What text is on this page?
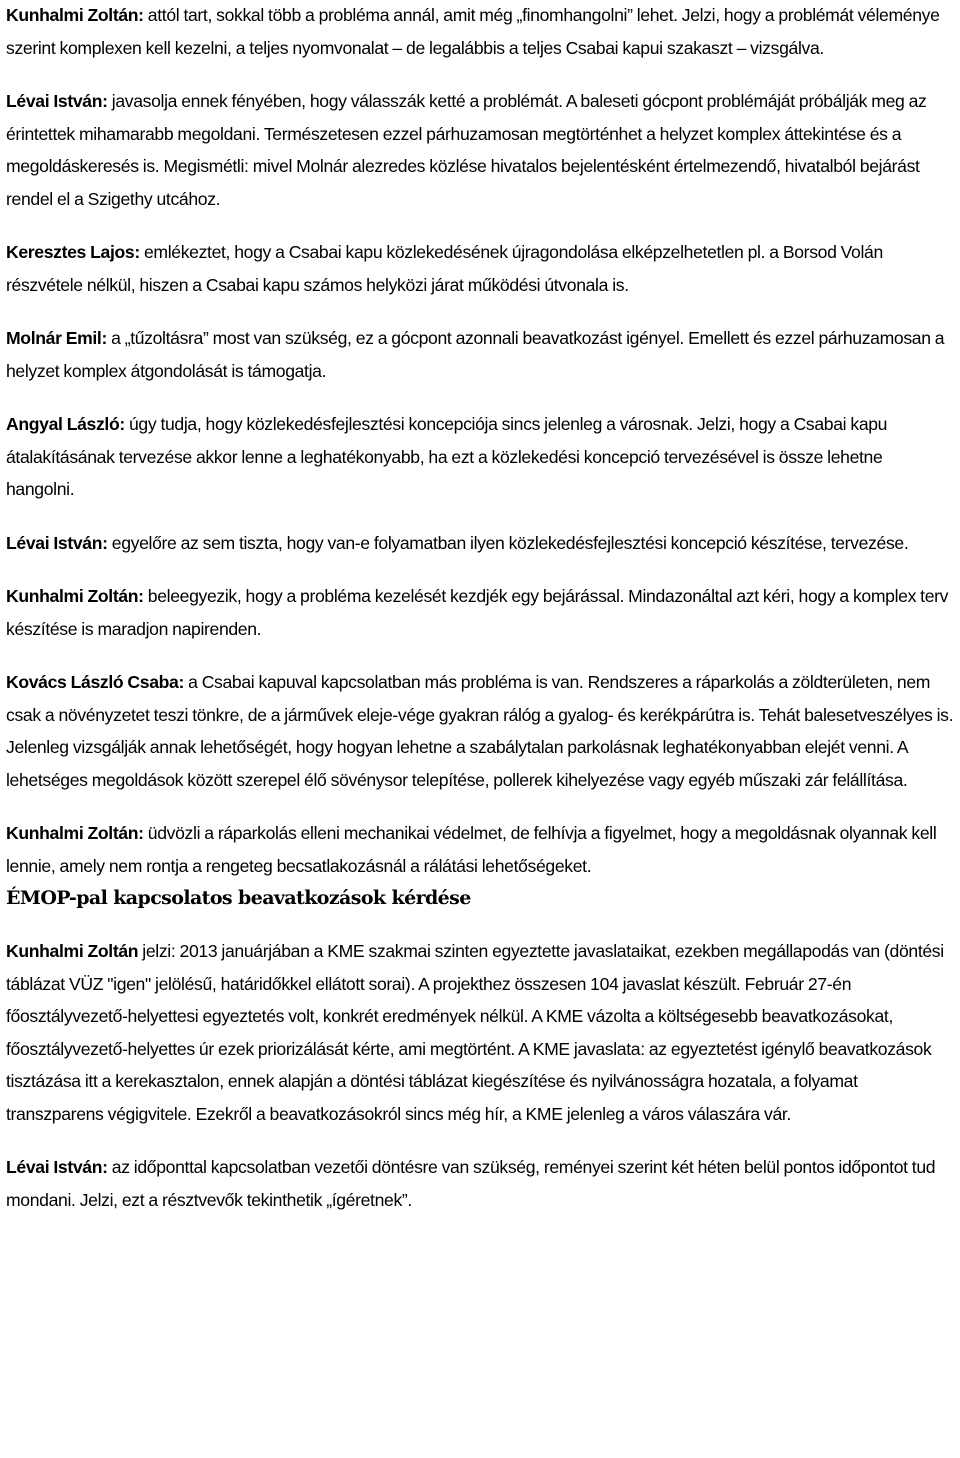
Kunhalmi Zoltán: attól tart, sokkal több a probléma annál, amit még „finomhangolni” lehet. Jelzi, hogy a problémát véleménye szerint komplexen kell kezelni, a teljes nyomvonalat – de legalábbis a teljes Csabai kapui szakaszt – vizsgálva.

Lévai István: javasolja ennek fényében, hogy válasszák ketté a problémát. A baleseti gócpont problémáját próbálják meg az érintettek mihamarabb megoldani. Természetesen ezzel párhuzamosan megtörténhet a helyzet komplex áttekintése és a megoldáskeresés is. Megismétli: mivel Molnár alezredes közlése hivatalos bejelentésként értelmezendő, hivatalból bejárást rendel el a Szigethy utcához.

Keresztes Lajos: emlékeztet, hogy a Csabai kapu közlekedésének újragondolása elképzelhetetlen pl. a Borsod Volán részvétele nélkül, hiszen a Csabai kapu számos helyközi járat működési útvonala is.

Molnár Emil: a „tűzoltásra” most van szükség, ez a gócpont azonnali beavatkozást igényel. Emellett és ezzel párhuzamosan a helyzet komplex átgondolását is támogatja.

Angyal László: úgy tudja, hogy közlekedésfejlesztési koncepciója sincs jelenleg a városnak. Jelzi, hogy a Csabai kapu átalakításának tervezése akkor lenne a leghatékonyabb, ha ezt a közlekedési koncepció tervezésével is össze lehetne hangolni.

Lévai István: egyelőre az sem tiszta, hogy van-e folyamatban ilyen közlekedésfejlesztési koncepció készítése, tervezése.

Kunhalmi Zoltán: beleegyezik, hogy a probléma kezelését kezdjék egy bejárással. Mindazonáltal azt kéri, hogy a komplex terv készítése is maradjon napirenden.

Kovács László Csaba: a Csabai kapuval kapcsolatban más probléma is van. Rendszeres a ráparkolás a zöldterületen, nem csak a növényzetet teszi tönkre, de a járművek eleje-vége gyakran rálóg a gyalog- és kerékpárútra is. Tehát balesetveszélyes is. Jelenleg vizsgálják annak lehetőségét, hogy hogyan lehetne a szabálytalan parkolásnak leghatékonyabban elejét venni. A lehetséges megoldások között szerepel élő sövénysor telepítése, pollerek kihelyezése vagy egyéb műszaki zár felállítása.

Kunhalmi Zoltán: üdvözli a ráparkolás elleni mechanikai védelmet, de felhívja a figyelmet, hogy a megoldásnak olyannak kell lennie, amely nem rontja a rengeteg becsatlakozásnál a rálátási lehetőségeket.

ÉMOP-pal kapcsolatos beavatkozások kérdése

Kunhalmi Zoltán jelzi: 2013 januárjában a KME szakmai szinten egyeztette javaslataikat, ezekben megállapodás van (döntési táblázat VÜZ "igen" jelölésű, határidőkkel ellátott sorai). A projekthez összesen 104 javaslat készült. Február 27-én főosztályvezető-helyettesi egyeztetés volt, konkrét eredmények nélkül. A KME vázolta a költségesebb beavatkozásokat, főosztályvezető-helyettes úr ezek priorizálását kérte, ami megtörtént. A KME javaslata: az egyeztetést igénylő beavatkozások tisztázása itt a kerekasztalon, ennek alapján a döntési táblázat kiegészítése és nyilvánosságra hozatala, a folyamat transzparens végigvitele. Ezekről a beavatkozásokról sincs még hír, a KME jelenleg a város válaszára vár.

Lévai István: az időponttal kapcsolatban vezetői döntésre van szükség, reményei szerint két héten belül pontos időpontot tud mondani. Jelzi, ezt a résztvevők tekinthetik „ígéretnek”.
